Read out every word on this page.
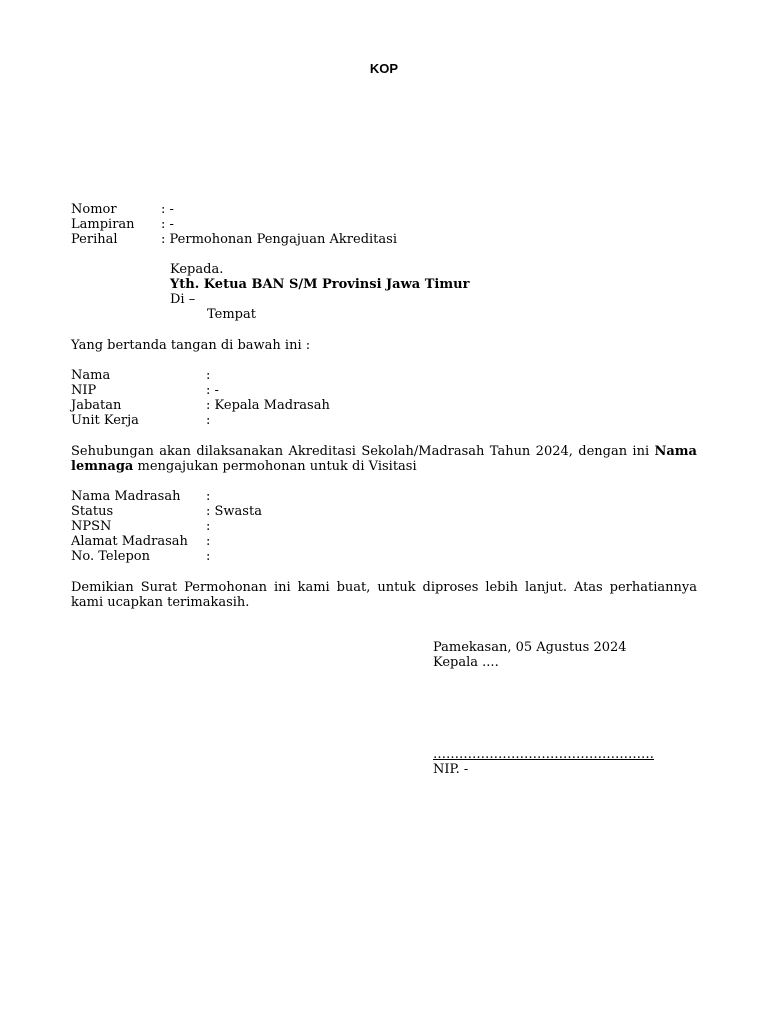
KOP
Nomor	: -
Lampiran : -
Perihal	: Permohonan Pengajuan Akreditasi
Kepada.
Yth. Ketua BAN S/M Provinsi Jawa Timur
Di –
Tempat
Yang bertanda tangan di bawah ini :
Nama	:
NIP	: -
Jabatan	: Kepala Madrasah
Unit Kerja	:
Sehubungan akan dilaksanakan Akreditasi Sekolah/Madrasah Tahun 2024, dengan ini Nama lemnaga mengajukan permohonan untuk di Visitasi
Nama Madrasah :
Status	: Swasta
NPSN	:
Alamat Madrasah :
No. Telepon	:
Demikian Surat Permohonan ini kami buat, untuk diproses lebih lanjut. Atas perhatiannya kami ucapkan terimakasih.
Pamekasan, 05 Agustus 2024
Kepala ....
……………………………………………
NIP. -
